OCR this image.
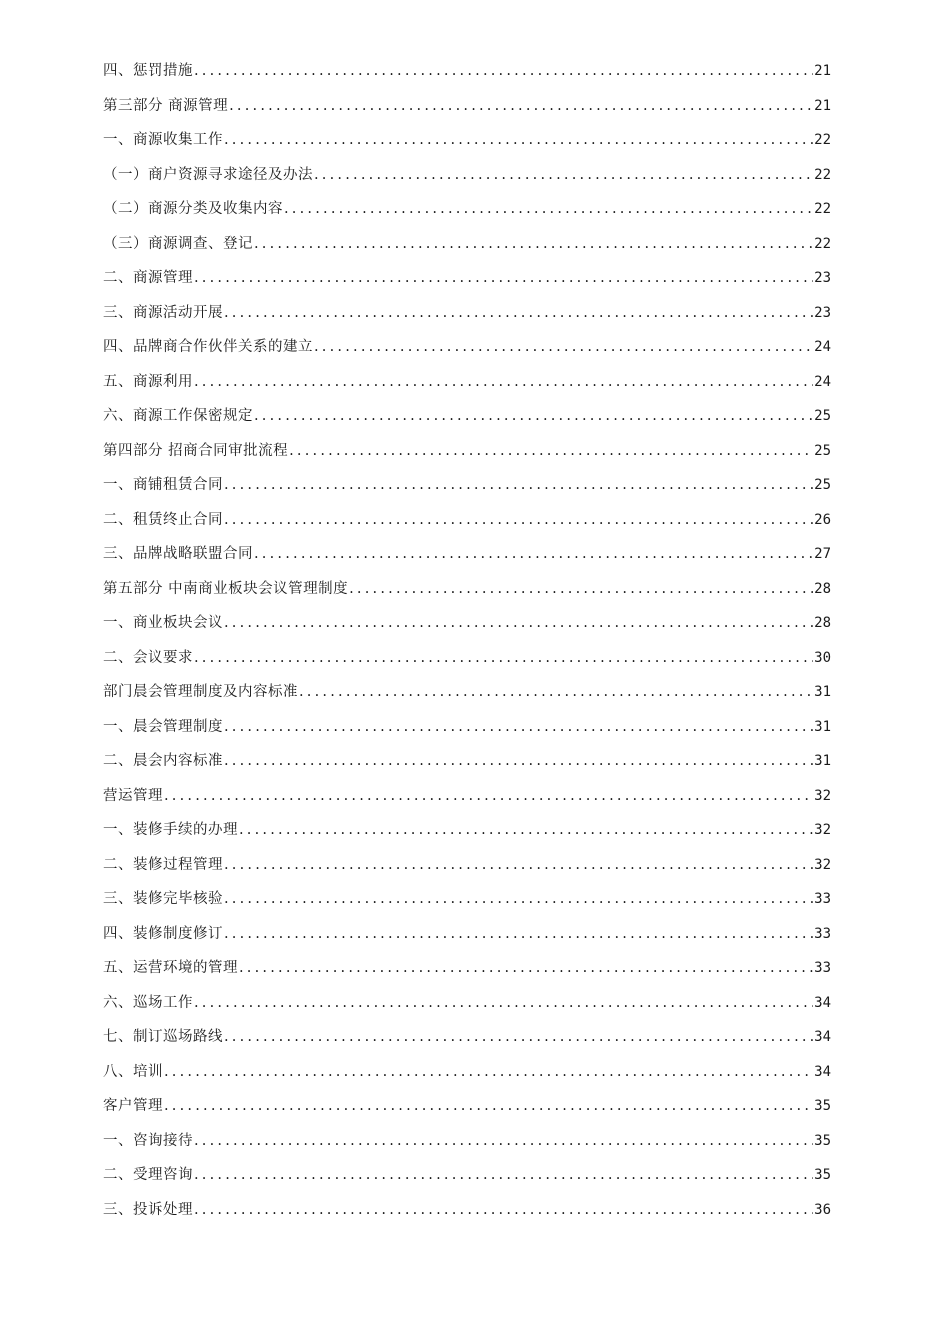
四、惩罚措施 .....	21
第三部分 商源管理 .....	21
一、商源收集工作 .....	22
（一）商户资源寻求途径及办法 .....	22
（二）商源分类及收集内容 .....	22
（三）商源调查、登记 .....	22
二、商源管理 .....	23
三、商源活动开展 .....	23
四、品牌商合作伙伴关系的建立 .....	24
五、商源利用 .....	24
六、商源工作保密规定 .....	25
第四部分 招商合同审批流程 .....	25
一、商铺租赁合同 .....	25
二、租赁终止合同 .....	26
三、品牌战略联盟合同 .....	27
第五部分 中南商业板块会议管理制度 .....	28
一、商业板块会议 .....	28
二、会议要求 .....	30
部门晨会管理制度及内容标准 .....	31
一、晨会管理制度 .....	31
二、晨会内容标准 .....	31
营运管理 .....	32
一、装修手续的办理 .....	32
二、装修过程管理 .....	32
三、装修完毕核验 .....	33
四、装修制度修订 .....	33
五、运营环境的管理 .....	33
六、巡场工作 .....	34
七、制订巡场路线 .....	34
八、培训 .....	34
客户管理 .....	35
一、咨询接待 .....	35
二、受理咨询 .....	35
三、投诉处理 .....	36
